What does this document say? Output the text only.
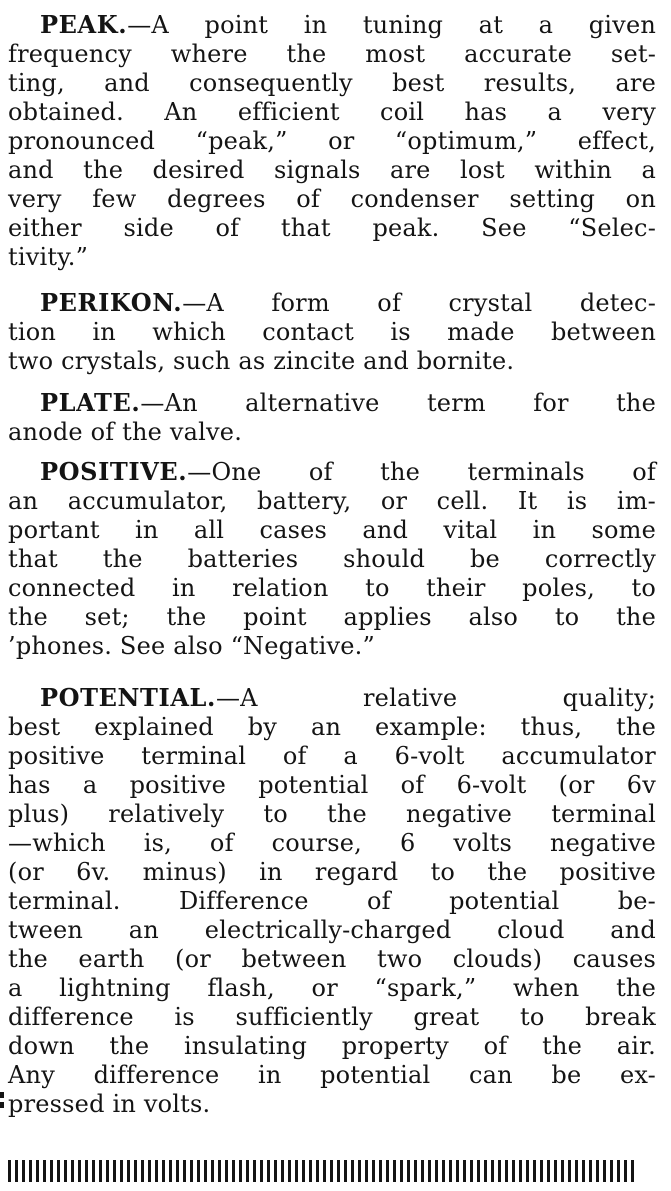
PEAK.—A point in tuning at a given
frequency where the most accurate set-
ting, and consequently best results, are
obtained. An efficient coil has a very
pronounced “peak,” or “optimum,” effect,
and the desired signals are lost within a
very few degrees of condenser setting on
either side of that peak. See “Selec-
tivity.”

PERIKON.—A form of crystal detec-
tion in which contact is made between
two crystals, such as zincite and bornite.

PLATE.—An alternative term for the
anode of the valve.

POSITIVE.—One of the terminals of
an accumulator, battery, or cell. It is im-
portant in all cases and vital in some
that the batteries should be correctly
connected in relation to their poles, to
the set; the point applies also to the
’phones. See also “Negative.”

POTENTIAL.—A relative quality;
best explained by an example: thus, the
positive terminal of a 6-volt accumulator
has a positive potential of 6-volt (or 6v
plus) relatively to the negative terminal
—which is, of course, 6 volts negative
(or 6v. minus) in regard to the positive
terminal. Difference of potential be-
tween an electrically-charged cloud and
the earth (or between two clouds) causes
a lightning flash, or “spark,” when the
difference is sufficiently great to break
down the insulating property of the air.
Any difference in potential can be ex-
pressed in volts.
